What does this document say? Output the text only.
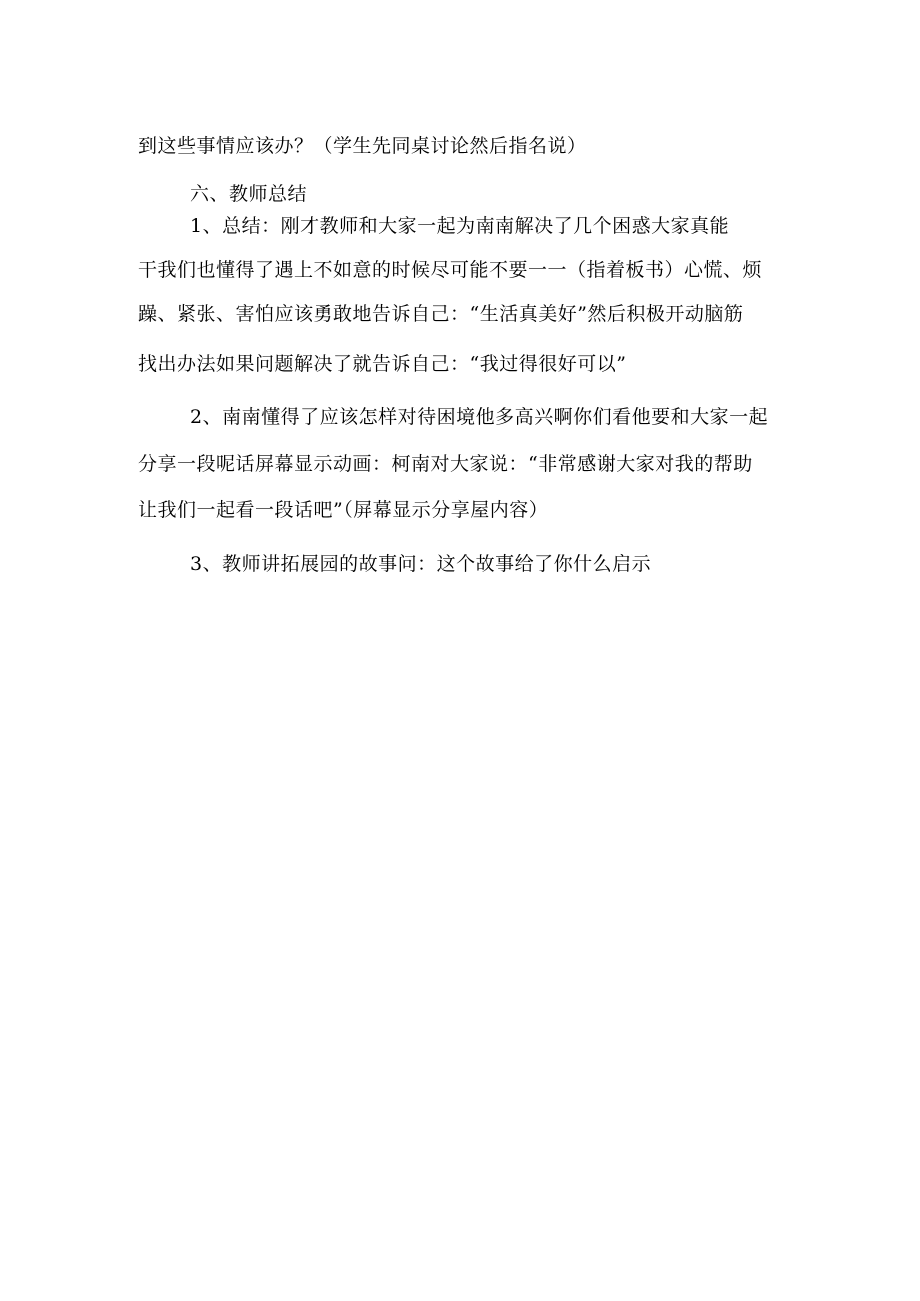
到这些事情应该办？（学生先同桌讨论然后指名说）
六、教师总结
1、总结：刚才教师和大家一起为南南解决了几个困惑大家真能
干我们也懂得了遇上不如意的时候尽可能不要一一（指着板书）心慌、烦
躁、紧张、害怕应该勇敢地告诉自己：“生活真美好”然后积极开动脑筋
找出办法如果问题解决了就告诉自己：“我过得很好可以”
2、南南懂得了应该怎样对待困境他多高兴啊你们看他要和大家一起
分享一段呢话屏幕显示动画：柯南对大家说：“非常感谢大家对我的帮助
让我们一起看一段话吧”（屏幕显示分享屋内容）
3、教师讲拓展园的故事问：这个故事给了你什么启示
